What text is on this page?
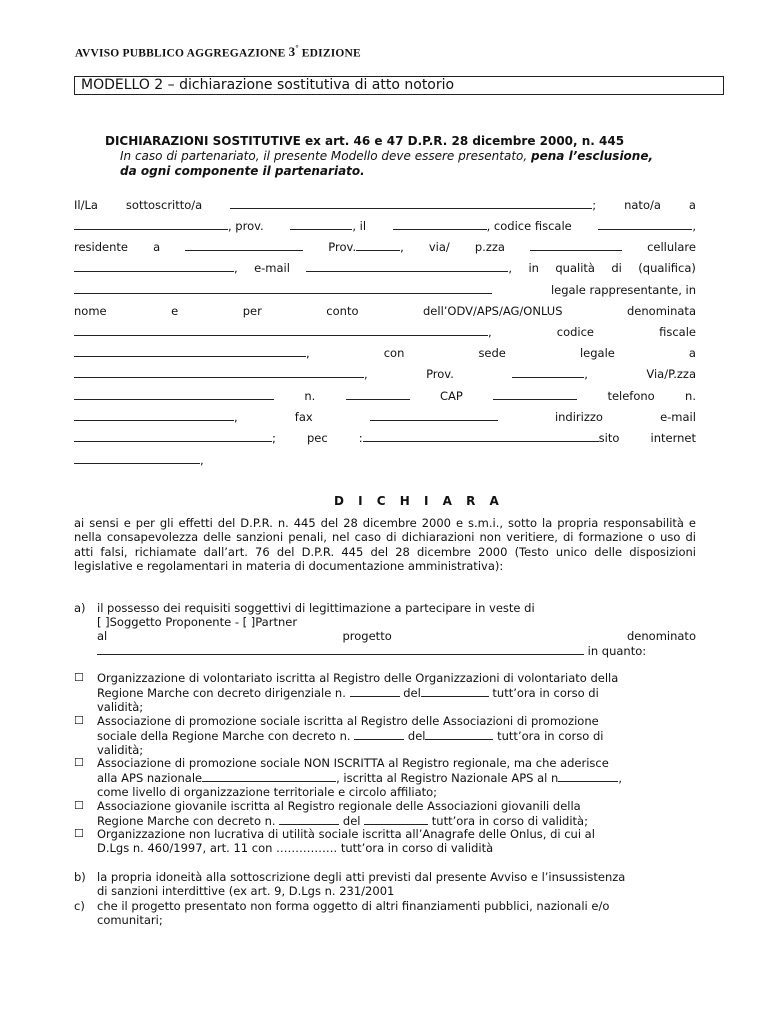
AVVISO PUBBLICO AGGREGAZIONE 3° EDIZIONE
MODELLO 2 – dichiarazione sostitutiva di atto notorio
DICHIARAZIONI SOSTITUTIVE ex art. 46 e 47 D.P.R. 28 dicembre 2000, n. 445
In caso di partenariato, il presente Modello deve essere presentato, pena l’esclusione,
da ogni componente il partenariato.
Il/La sottoscritto/a	; nato/a a
, prov.	, il	, codice fiscale	,
residente a	Prov.	, via/ p.zza	cellulare
, e-mail	, in qualità di (qualifica)
legale rappresentante, in
nome	e	per	conto	dell’ODV/APS/AG/ONLUS	denominata
,	codice	fiscale
,	con	sede	legale	a
,	Prov.	,	Via/P.zza
n.	CAP	telefono	n.
,	fax	indirizzo	e-mail
;	pec	:	sito	internet
,
D I C H I A R A
ai sensi e per gli effetti del D.P.R. n. 445 del 28 dicembre 2000 e s.m.i., sotto la propria responsabilità e nella consapevolezza delle sanzioni penali, nel caso di dichiarazioni non veritiere, di formazione o uso di atti falsi, richiamate dall’art. 76 del D.P.R. 445 del 28 dicembre 2000 (Testo unico delle disposizioni legislative e regolamentari in materia di documentazione amministrativa):
a) il possesso dei requisiti soggettivi di legittimazione a partecipare in veste di
[ ]Soggetto Proponente - [ ]Partner
al	progetto	denominato
in quanto:
☐ Organizzazione di volontariato iscritta al Registro delle Organizzazioni di volontariato della
Regione Marche con decreto dirigenziale n.	del	tutt’ora in corso di
validità;
☐ Associazione di promozione sociale iscritta al Registro delle Associazioni di promozione
sociale della Regione Marche con decreto n.	del	tutt’ora in corso di
validità;
☐ Associazione di promozione sociale NON ISCRITTA al Registro regionale, ma che aderisce
alla APS nazionale	, iscritta al Registro Nazionale APS al n	,
come livello di organizzazione territoriale e circolo affiliato;
☐ Associazione giovanile iscritta al Registro regionale delle Associazioni giovanili della
Regione Marche con decreto n.	del	tutt’ora in corso di validità;
☐ Organizzazione non lucrativa di utilità sociale iscritta all’Anagrafe delle Onlus, di cui al
D.Lgs n. 460/1997, art. 11 con ……………. tutt’ora in corso di validità
b) la propria idoneità alla sottoscrizione degli atti previsti dal presente Avviso e l’insussistenza
di sanzioni interdittive (ex art. 9, D.Lgs n. 231/2001
c) che il progetto presentato non forma oggetto di altri finanziamenti pubblici, nazionali e/o
comunitari;
